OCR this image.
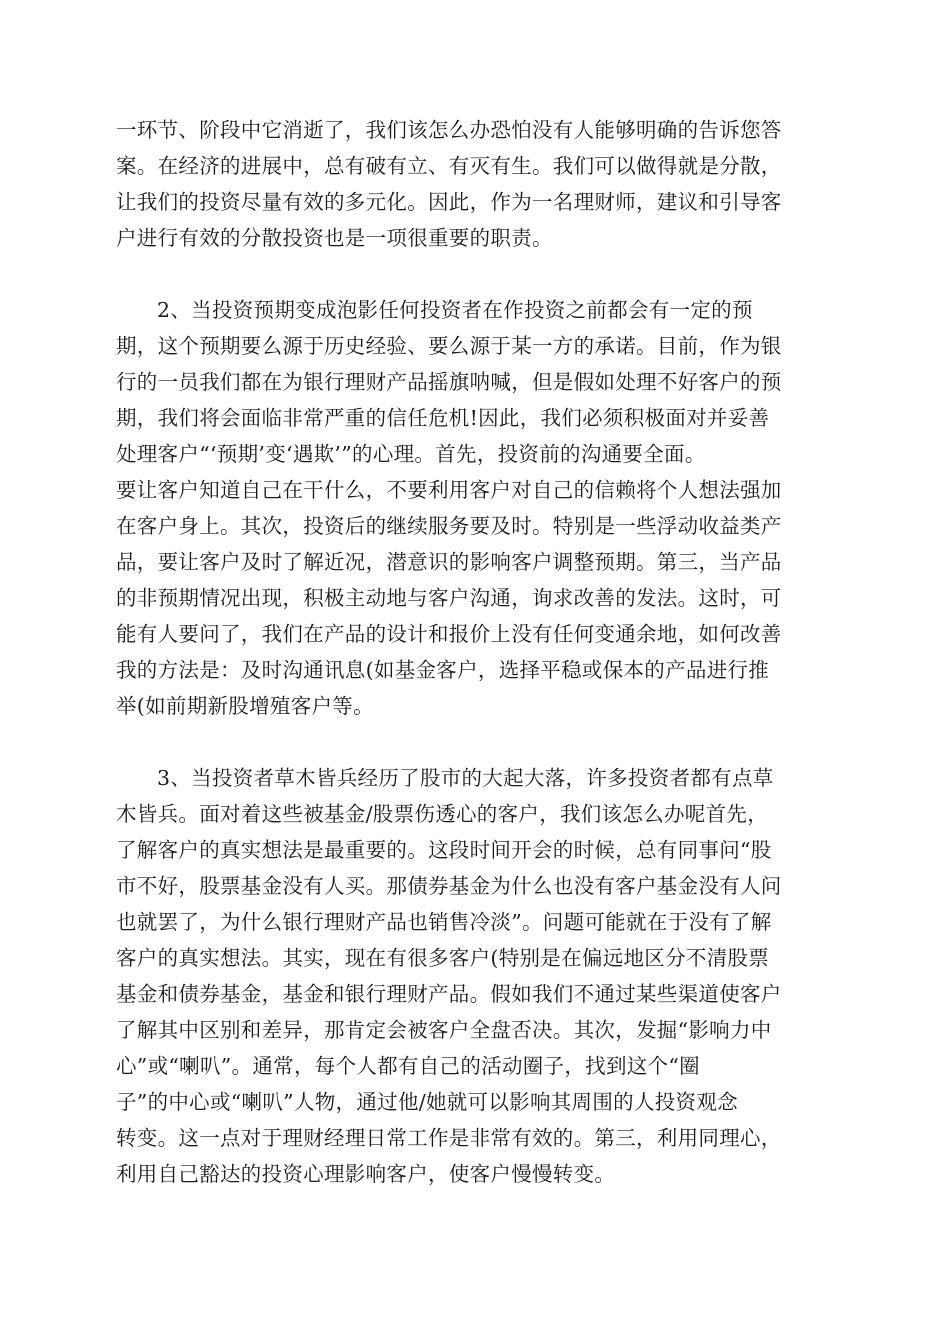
一环节、阶段中它消逝了，我们该怎么办恐怕没有人能够明确的告诉您答
案。在经济的进展中，总有破有立、有灭有生。我们可以做得就是分散，
让我们的投资尽量有效的多元化。因此，作为一名理财师，建议和引导客
户进行有效的分散投资也是一项很重要的职责。
2、当投资预期变成泡影任何投资者在作投资之前都会有一定的预
期，这个预期要么源于历史经验、要么源于某一方的承诺。目前，作为银
行的一员我们都在为银行理财产品摇旗呐喊，但是假如处理不好客户的预
期，我们将会面临非常严重的信任危机!因此，我们必须积极面对并妥善
处理客户“‘预期’变‘遇欺’”的心理。首先，投资前的沟通要全面。
要让客户知道自己在干什么，不要利用客户对自己的信赖将个人想法强加
在客户身上。其次，投资后的继续服务要及时。特别是一些浮动收益类产
品，要让客户及时了解近况，潜意识的影响客户调整预期。第三，当产品
的非预期情况出现，积极主动地与客户沟通，询求改善的发法。这时，可
能有人要问了，我们在产品的设计和报价上没有任何变通余地，如何改善
我的方法是：及时沟通讯息(如基金客户，选择平稳或保本的产品进行推
举(如前期新股增殖客户等。
3、当投资者草木皆兵经历了股市的大起大落，许多投资者都有点草
木皆兵。面对着这些被基金/股票伤透心的客户，我们该怎么办呢首先，
了解客户的真实想法是最重要的。这段时间开会的时候，总有同事问“股
市不好，股票基金没有人买。那债券基金为什么也没有客户基金没有人问
也就罢了，为什么银行理财产品也销售冷淡”。问题可能就在于没有了解
客户的真实想法。其实，现在有很多客户(特别是在偏远地区分不清股票
基金和债券基金，基金和银行理财产品。假如我们不通过某些渠道使客户
了解其中区别和差异，那肯定会被客户全盘否决。其次，发掘“影响力中
心”或“喇叭”。通常，每个人都有自己的活动圈子，找到这个“圈
子”的中心或“喇叭”人物，通过他/她就可以影响其周围的人投资观念
转变。这一点对于理财经理日常工作是非常有效的。第三，利用同理心，
利用自己豁达的投资心理影响客户，使客户慢慢转变。
